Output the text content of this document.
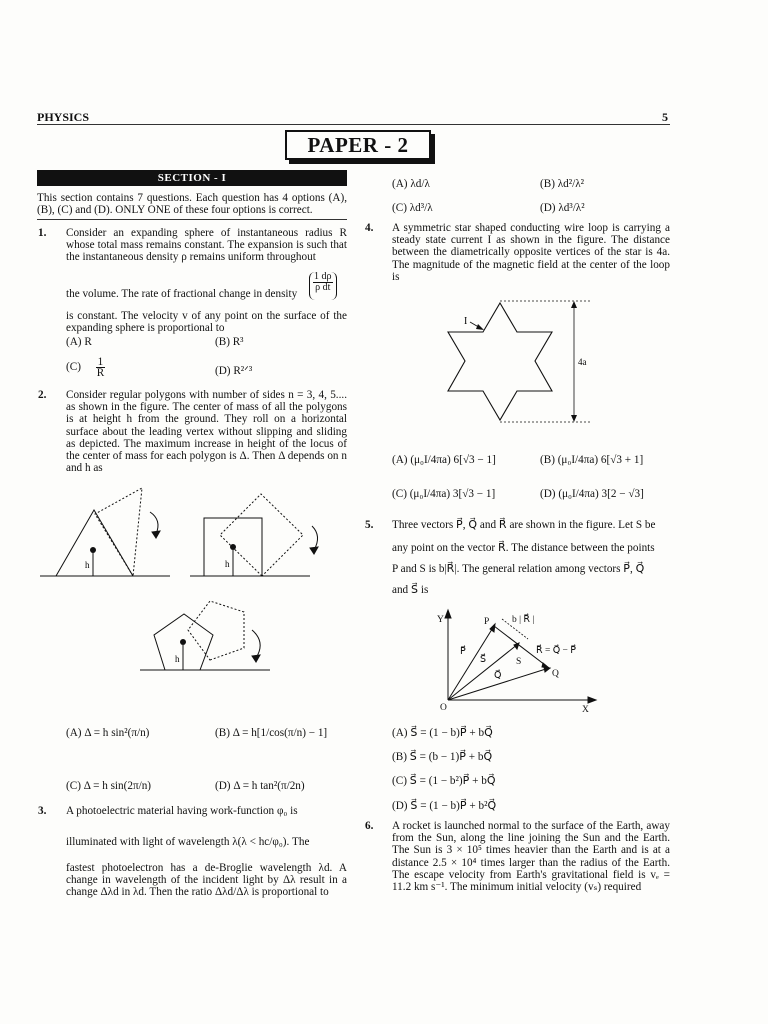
PHYSICS	5
PAPER - 2
SECTION - I
This section contains 7 questions. Each question has 4 options (A), (B), (C) and (D). ONLY ONE of these four options is correct.
1. Consider an expanding sphere of instantaneous radius R whose total mass remains constant. The expansion is such that the instantaneous density ρ remains uniform throughout
the volume. The rate of fractional change in density
$\frac{1 d\rho}{\text{ρ dt}}$
is constant. The velocity v of any point on the surface of the expanding sphere is proportional to
(A) R	(B) R³
$(C) \frac{1}{R}$	(D) R²ᐟ³
2. Consider regular polygons with number of sides n = 3, 4, 5.... as shown in the figure. The center of mass of all the polygons is at height h from the ground. They roll on a horizontal surface about the leading vertex without slipping and sliding as depicted. The maximum increase in height of the locus of the center of mass for each polygon is Δ. Then Δ depends on n and h as
h	h
h
(A) Δ = h sin²(π/n)	(B) Δ = h[1/cos(π/n) − 1]
(C) Δ = h sin(2π/n)	(D) Δ = h tan²(π/2n)
3. A photoelectric material having work-function φ₀ is
illuminated with light of wavelength λ(λ < hc/φ₀). The
fastest photoelectron has a de-Broglie wavelength λd. A change in wavelength of the incident light by Δλ result in a change Δλd in λd. Then the ratio Δλd/Δλ is proportional to
(A) λd/λ	(B) λd²/λ²
(C) λd³/λ	(D) λd³/λ²
4. A symmetric star shaped conducting wire loop is carrying a steady state current I as shown in the figure. The distance between the diametrically opposite vertices of the star is 4a. The magnitude of the magnetic field at the center of the loop is
I
4a
(A) (μ₀I/4πa) 6[√3 − 1]	(B) (μ₀I/4πa) 6[√3 + 1]
(C) (μ₀I/4πa) 3[√3 − 1]	(D) (μ₀I/4πa) 3[2 − √3]
5. Three vectors P⃗, Q⃗ and R⃗ are shown in the figure. Let S be
any point on the vector R⃗. The distance between the points
P and S is b|R⃗|. The general relation among vectors P⃗, Q⃗
and S⃗ is
Y
X
O
P
Q
S
P⃗
S⃗
Q⃗
b | R⃗ |
R⃗ = Q⃗ − P⃗
(A) S⃗ = (1 − b)P⃗ + bQ⃗
(B) S⃗ = (b − 1)P⃗ + bQ⃗
(C) S⃗ = (1 − b²)P⃗ + bQ⃗
(D) S⃗ = (1 − b)P⃗ + b²Q⃗
6. A rocket is launched normal to the surface of the Earth, away from the Sun, along the line joining the Sun and the Earth. The Sun is 3 × 10⁵ times heavier than the Earth and is at a distance 2.5 × 10⁴ times larger than the radius of the Earth. The escape velocity from Earth's gravitational field is vₑ = 11.2 km s⁻¹. The minimum initial velocity (vₛ) required
